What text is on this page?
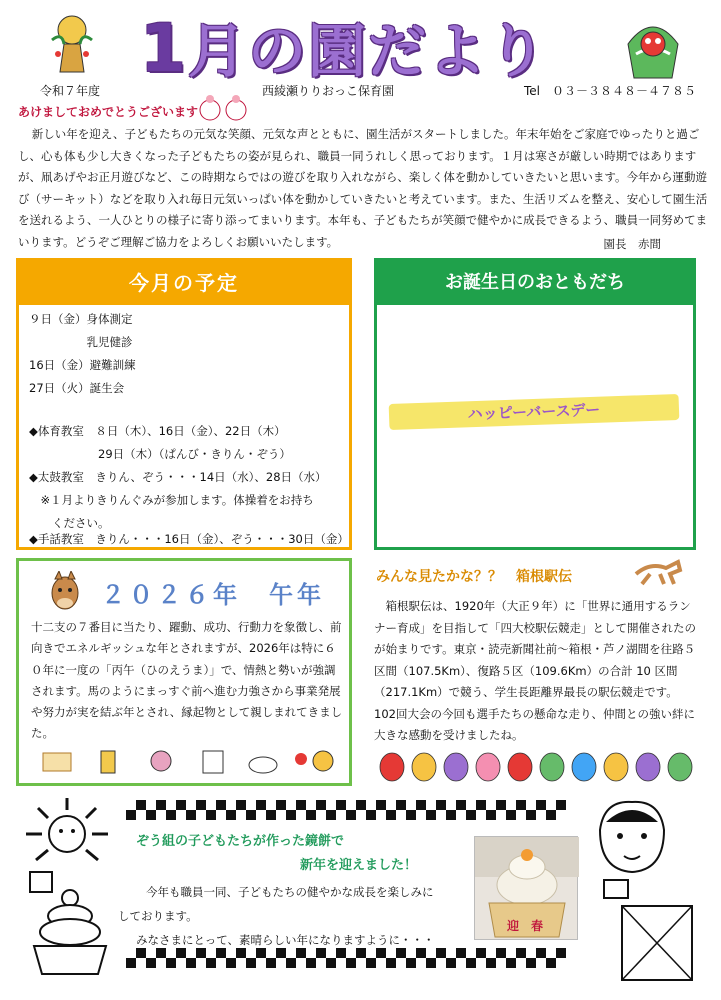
1月の園だより
令和７年度	西綾瀬りりおっこ保育園	Tel　０３－３８４８－４７８５
あけましておめでとうございます
新しい年を迎え、子どもたちの元気な笑顔、元気な声とともに、園生活がスタートしました。年末年始をご家庭でゆったりと過ごし、心も体も少し大きくなった子どもたちの姿が見られ、職員一同うれしく思っております。１月は寒さが厳しい時期ではありますが、凧あげやお正月遊びなど、この時期ならではの遊びを取り入れながら、楽しく体を動かしていきたいと思います。今年から運動遊び（サーキット）などを取り入れ毎日元気いっぱい体を動かしていきたいと考えています。また、生活リズムを整え、安心して園生活を送れるよう、一人ひとりの様子に寄り添ってまいります。本年も、子どもたちが笑顔で健やかに成長できるよう、職員一同努めてまいります。どうぞご理解ご協力をよろしくお願いいたします。	園長　赤間
今月の予定
９日（金）身体測定
　　　　　乳児健診
16日（金）避難訓練
27日（火）誕生会
◆体育教室　８日（木）、16日（金）、22日（木）
　　　　　　29日（木）（ぱんび・きりん・ぞう）
◆太鼓教室　きりん、ぞう・・・14日（水）、28日（水）
　※１月よりきりんぐみが参加します。体操着をお持ち
　　ください。
◆手話教室　きりん・・・16日（金）、ぞう・・・30日（金）
お誕生日のおともだち
ハッピーバースデー
２０２６年　午年
十二支の７番目に当たり、躍動、成功、行動力を象徴し、前向きでエネルギッシュな年とされますが、2026年は特に６０年に一度の「丙午（ひのえうま）」で、情熱と勢いが強調されます。馬のようにまっすぐ前へ進む力強さから事業発展や努力が実を結ぶ年とされ、縁起物として親しまれてきました。
みんな見たかな？？　箱根駅伝
箱根駅伝は、1920年（大正９年）に「世界に通用するランナー育成」を目指して「四大校駅伝競走」として開催されたのが始まりです。東京・読売新聞社前～箱根・芦ノ湖間を往路５区間（107.5Km）、復路５区（109.6Km）の合計 10 区間（217.1Km）で競う、学生長距離界最長の駅伝競走です。102回大会の今回も選手たちの懸命な走り、仲間との強い絆に大きな感動を受けましたね。
ぞう組の子どもたちが作った鏡餅で
新年を迎えました！
今年も職員一同、子どもたちの健やかな成長を楽しみに
しております。
みなさまにとって、素晴らしい年になりますように・・・
迎　春
